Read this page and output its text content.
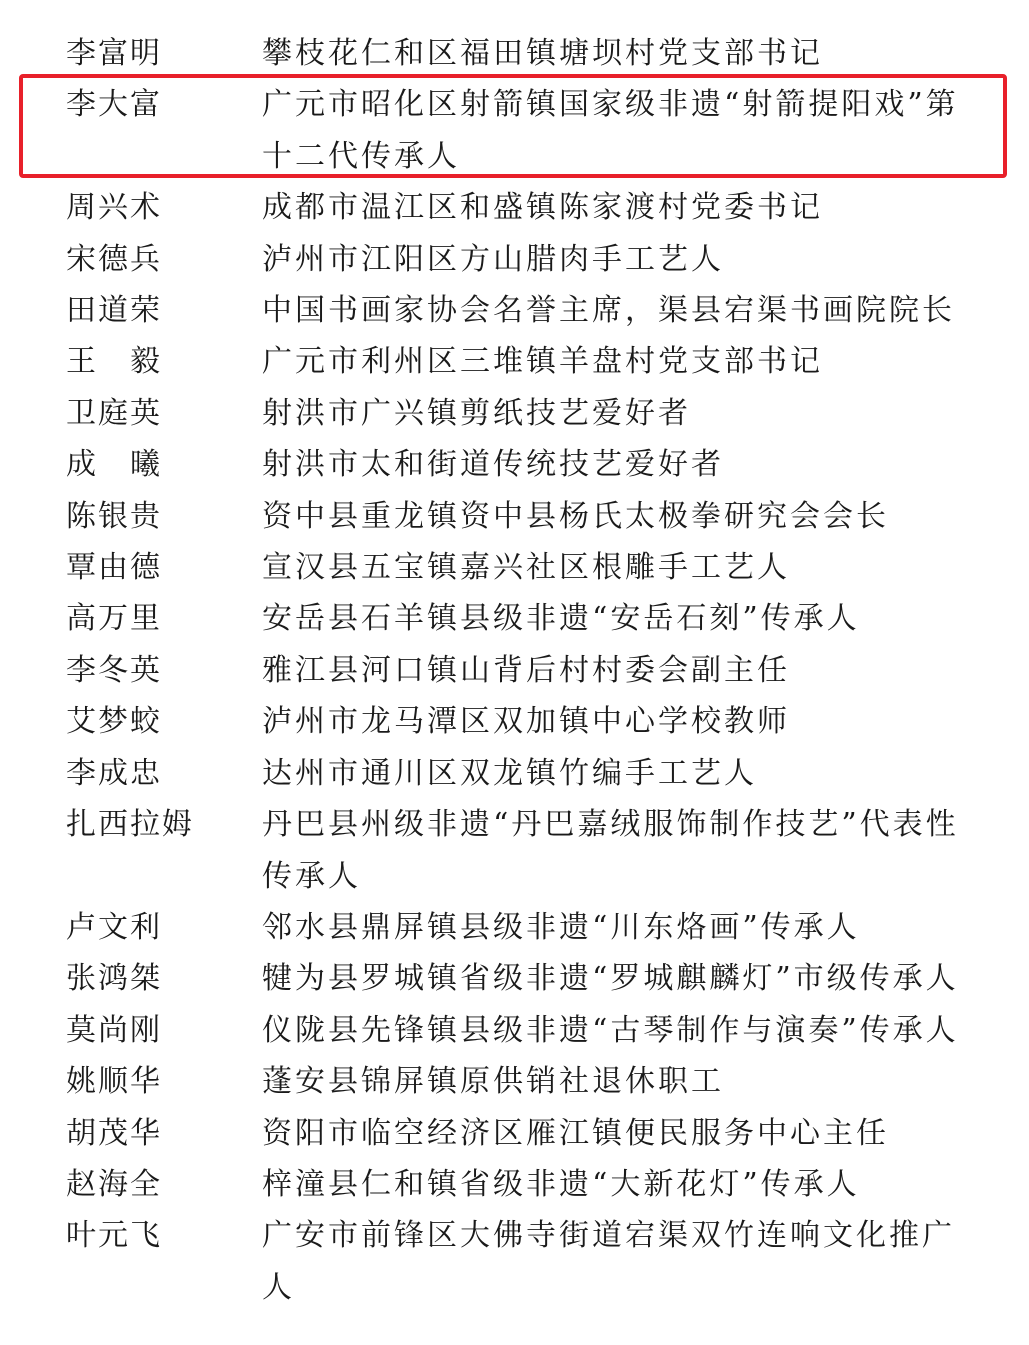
李富明	攀枝花仁和区福田镇塘坝村党支部书记
李大富	广元市昭化区射箭镇国家级非遗“射箭提阳戏”第十二代传承人
周兴术	成都市温江区和盛镇陈家渡村党委书记
宋德兵	泸州市江阳区方山腊肉手工艺人
田道荣	中国书画家协会名誉主席，渠县宕渠书画院院长
王　毅	广元市利州区三堆镇羊盘村党支部书记
卫庭英	射洪市广兴镇剪纸技艺爱好者
成　曦	射洪市太和街道传统技艺爱好者
陈银贵	资中县重龙镇资中县杨氏太极拳研究会会长
覃由德	宣汉县五宝镇嘉兴社区根雕手工艺人
高万里	安岳县石羊镇县级非遗“安岳石刻”传承人
李冬英	雅江县河口镇山背后村村委会副主任
艾梦蛟	泸州市龙马潭区双加镇中心学校教师
李成忠	达州市通川区双龙镇竹编手工艺人
扎西拉姆	丹巴县州级非遗“丹巴嘉绒服饰制作技艺”代表性传承人
卢文利	邻水县鼎屏镇县级非遗“川东烙画”传承人
张鸿桀	犍为县罗城镇省级非遗“罗城麒麟灯”市级传承人
莫尚刚	仪陇县先锋镇县级非遗“古琴制作与演奏”传承人
姚顺华	蓬安县锦屏镇原供销社退休职工
胡茂华	资阳市临空经济区雁江镇便民服务中心主任
赵海全	梓潼县仁和镇省级非遗“大新花灯”传承人
叶元飞	广安市前锋区大佛寺街道宕渠双竹连响文化推广人
